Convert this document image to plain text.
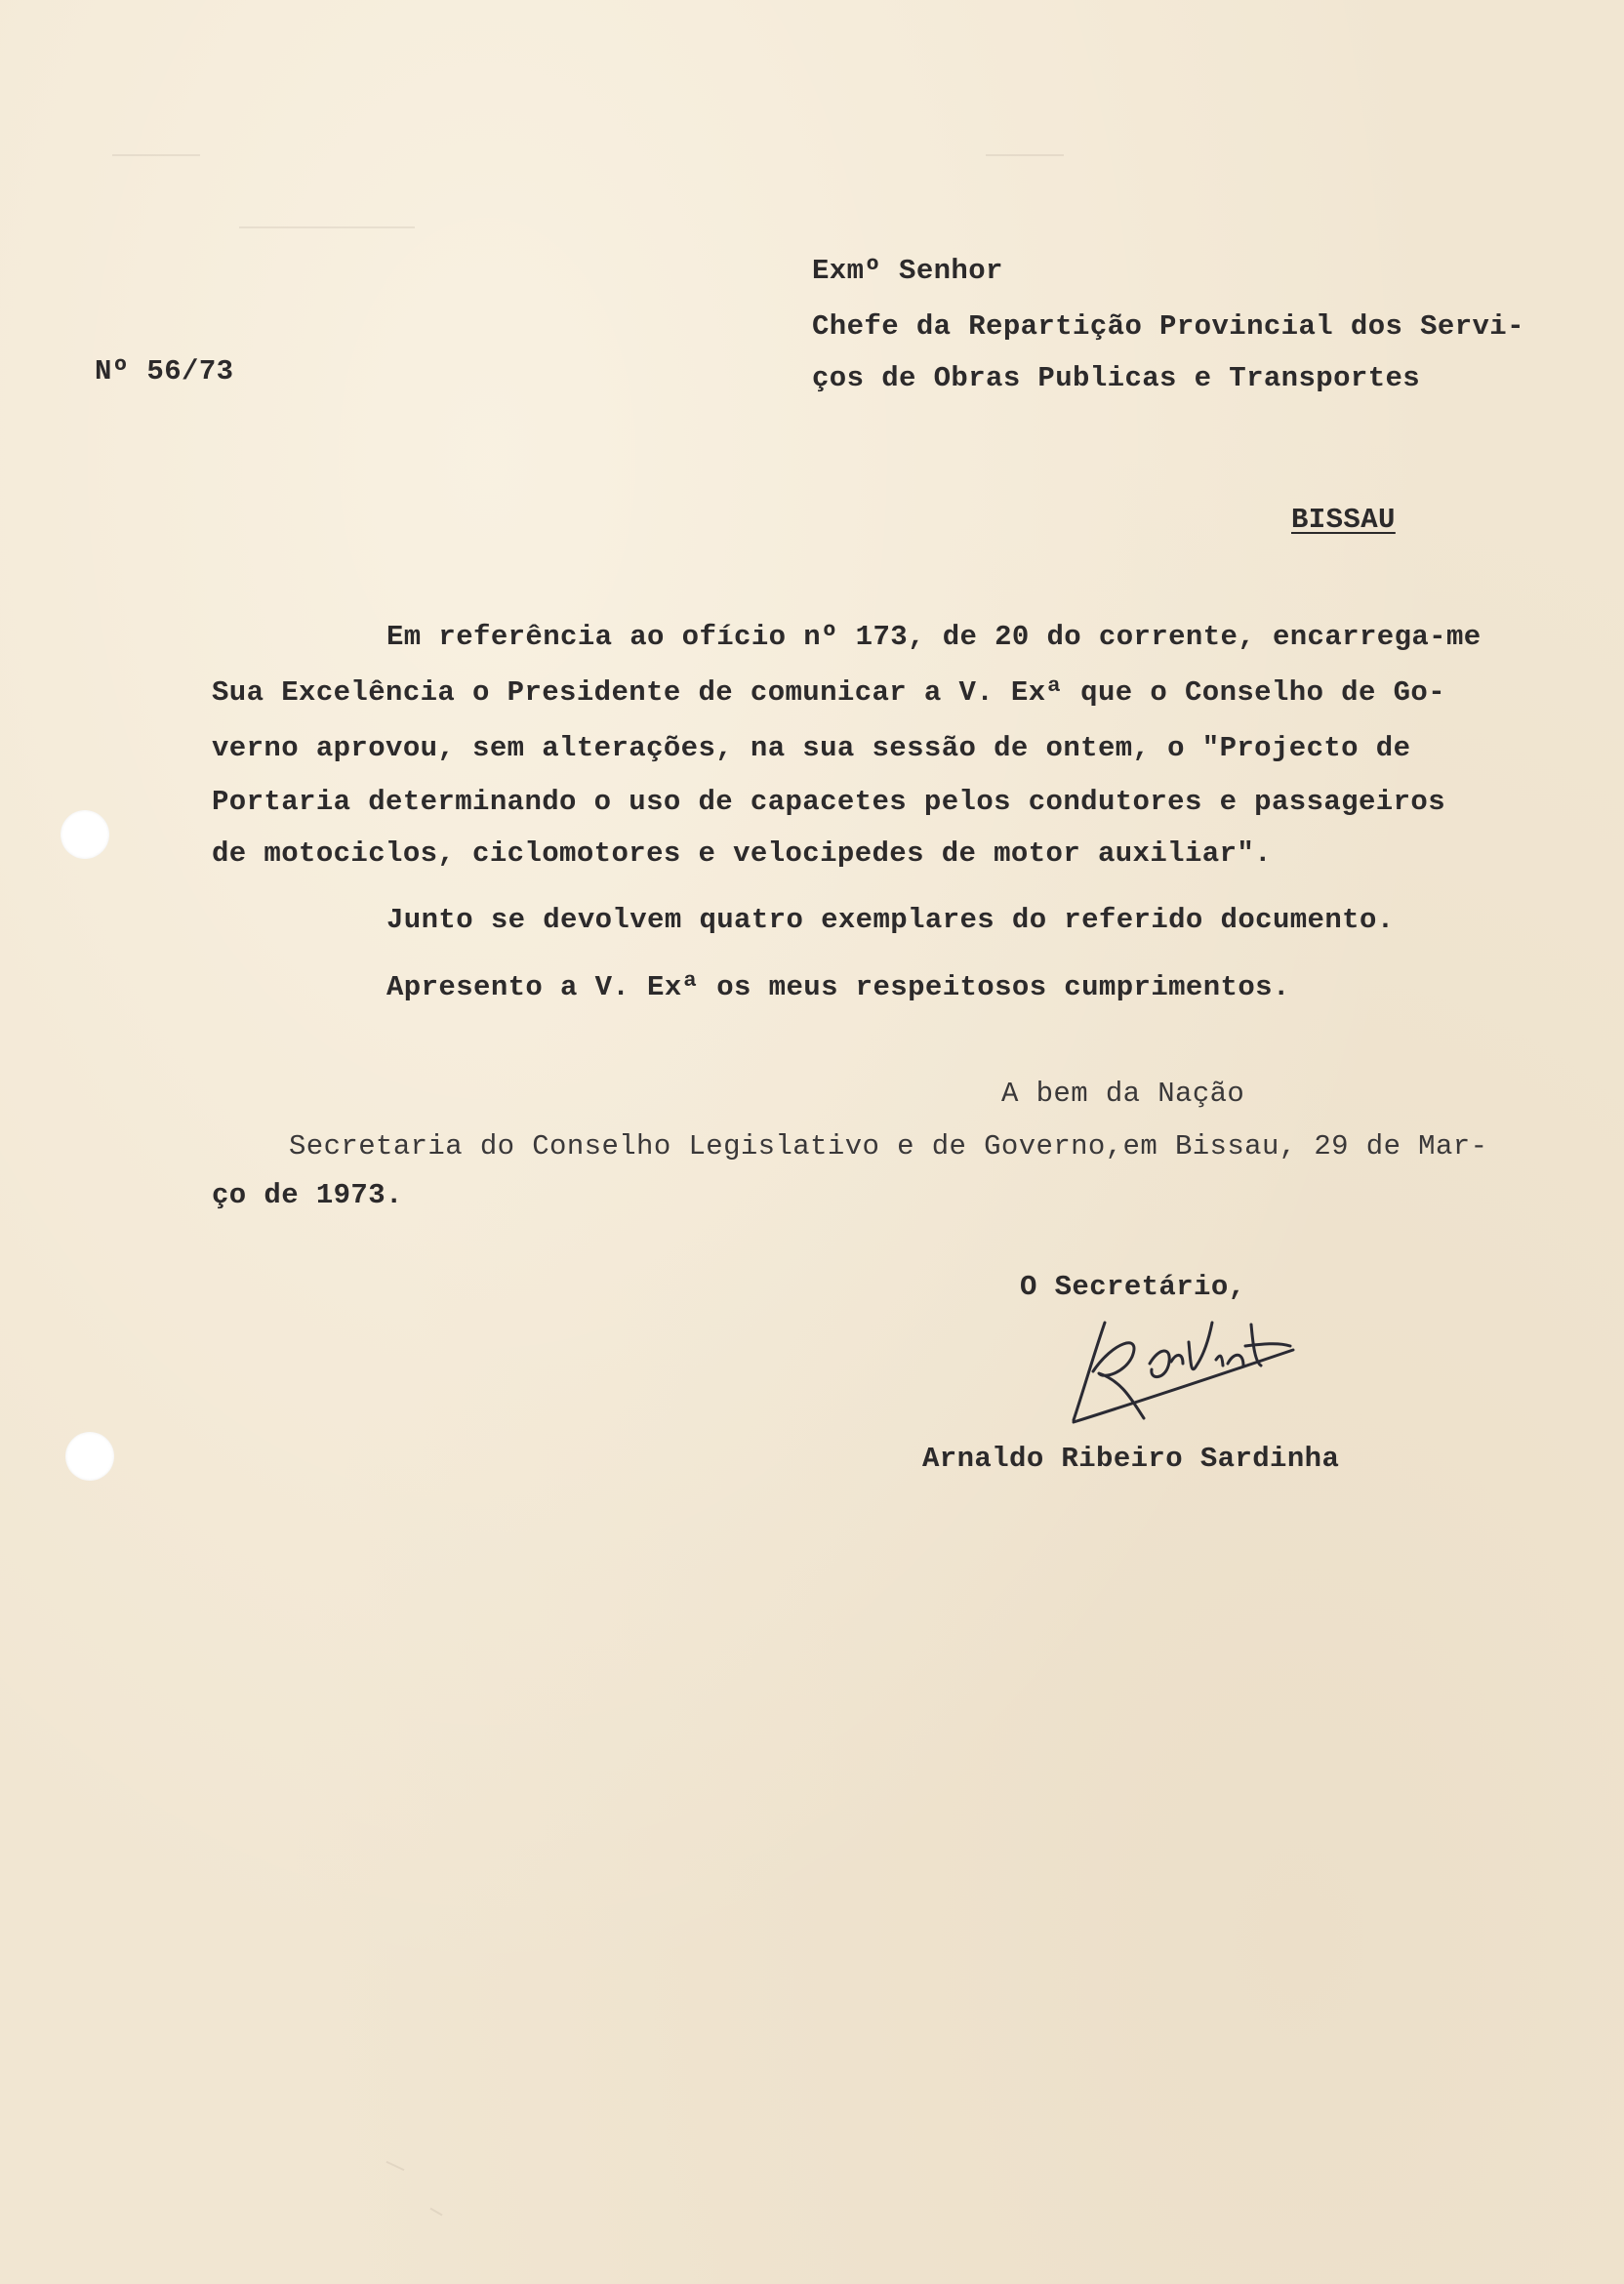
Nº 56/73
Exmº Senhor
Chefe da Repartição Provincial dos Servi-
ços de Obras Publicas e Transportes
BISSAU
Em referência ao ofício nº 173, de 20 do corrente, encarrega-me
Sua Excelência o Presidente de comunicar a V. Exª que o Conselho de Go-
verno aprovou, sem alterações, na sua sessão de ontem, o "Projecto de
Portaria determinando o uso de capacetes pelos condutores e passageiros
de motociclos, ciclomotores e velocipedes de motor auxiliar".
Junto se devolvem quatro exemplares do referido documento.
Apresento a V. Exª os meus respeitosos cumprimentos.
A bem da Nação
Secretaria do Conselho Legislativo e de Governo,em Bissau, 29 de Mar-
ço de 1973.
O Secretário,
Arnaldo Ribeiro Sardinha
